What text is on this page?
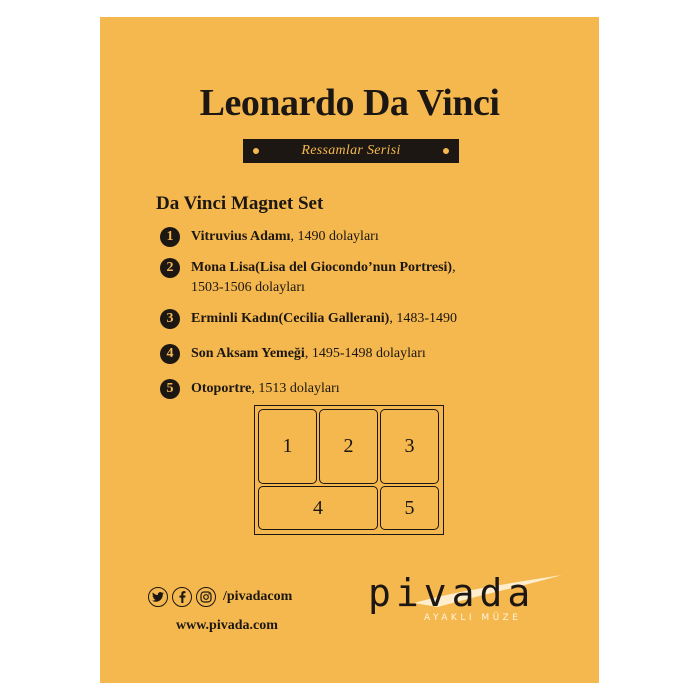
Leonardo Da Vinci
Ressamlar Serisi
Da Vinci Magnet Set
1	Vitruvius Adamı, 1490 dolayları
2	Mona Lisa(Lisa del Giocondo’nun Portresi), 1503-1506 dolayları
3	Erminli Kadın(Cecilia Gallerani), 1483-1490
4	Son Aksam Yemeği, 1495-1498 dolayları
5	Otoportre, 1513 dolayları
1	2	3
4	5
/pivadacom
www.pivada.com
pivada
AYAKLI MÜZE
